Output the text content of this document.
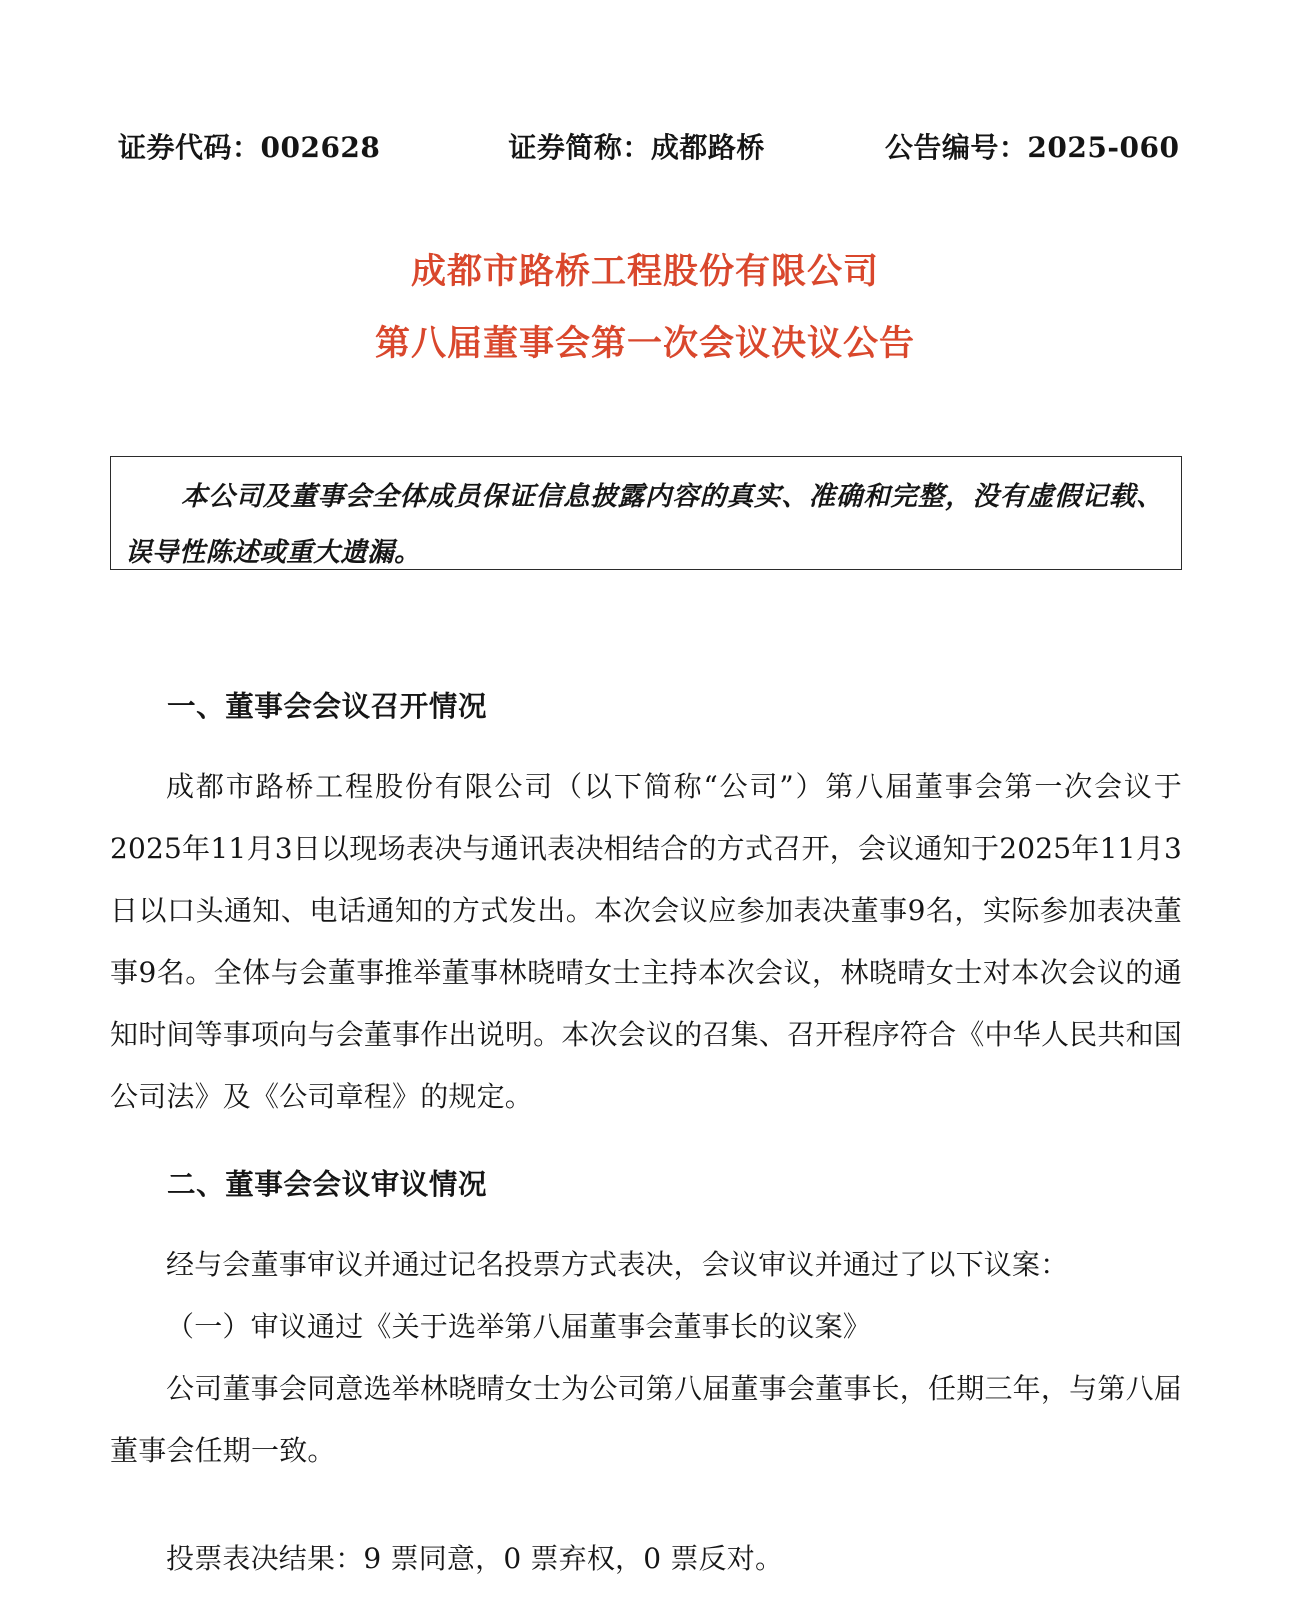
证券代码：002628	证券简称：成都路桥	公告编号：2025-060
成都市路桥工程股份有限公司
第八届董事会第一次会议决议公告
本公司及董事会全体成员保证信息披露内容的真实、准确和完整，没有虚假记载、误导性陈述或重大遗漏。
一、董事会会议召开情况

成都市路桥工程股份有限公司（以下简称“公司”）第八届董事会第一次会议于2025年11月3日以现场表决与通讯表决相结合的方式召开，会议通知于2025年11月3日以口头通知、电话通知的方式发出。本次会议应参加表决董事9名，实际参加表决董事9名。全体与会董事推举董事林晓晴女士主持本次会议，林晓晴女士对本次会议的通知时间等事项向与会董事作出说明。本次会议的召集、召开程序符合《中华人民共和国公司法》及《公司章程》的规定。

二、董事会会议审议情况

经与会董事审议并通过记名投票方式表决，会议审议并通过了以下议案：

（一）审议通过《关于选举第八届董事会董事长的议案》

公司董事会同意选举林晓晴女士为公司第八届董事会董事长，任期三年，与第八届董事会任期一致。

投票表决结果：9 票同意，0 票弃权，0 票反对。
